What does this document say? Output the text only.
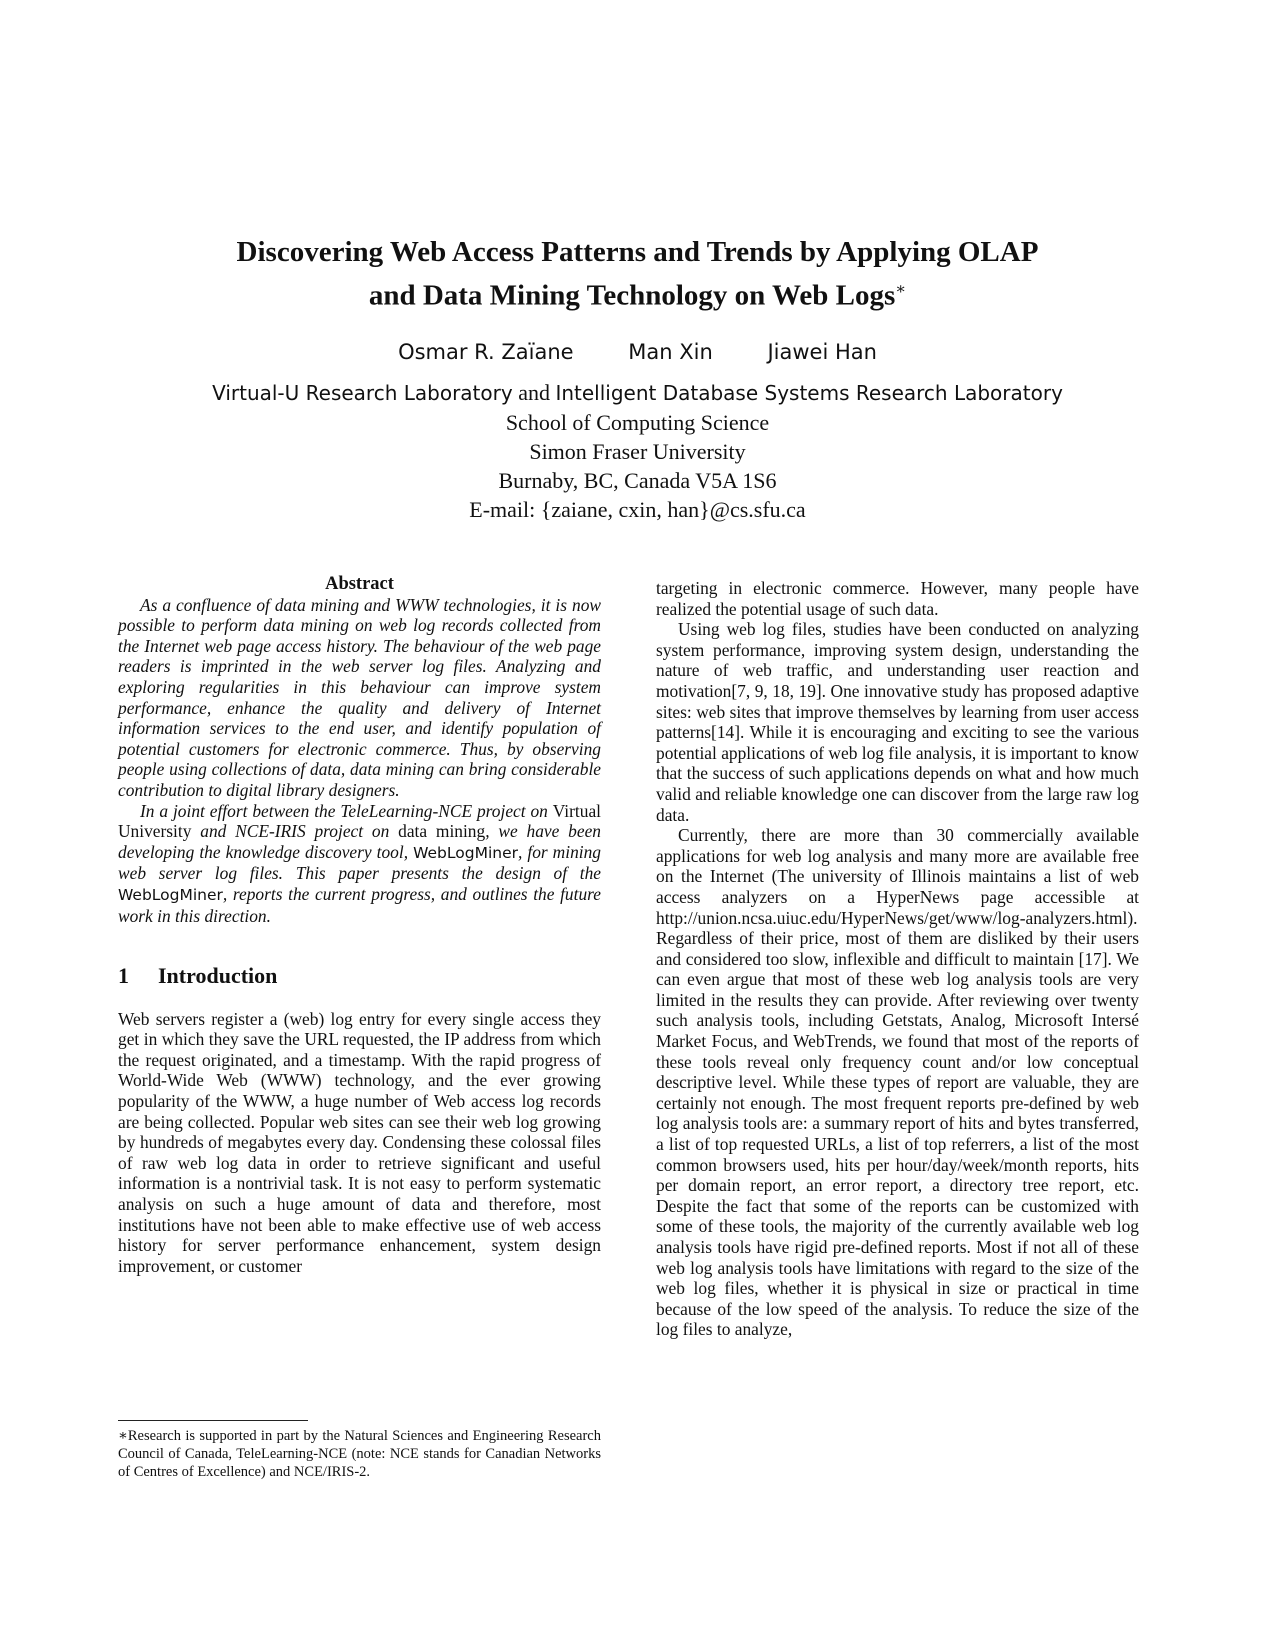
Discovering Web Access Patterns and Trends by Applying OLAP
and Data Mining Technology on Web Logs∗
Osmar R. Zaïane	Man Xin	Jiawei Han
Virtual-U Research Laboratory and Intelligent Database Systems Research Laboratory
School of Computing Science
Simon Fraser University
Burnaby, BC, Canada V5A 1S6
E-mail: {zaiane, cxin, han}@cs.sfu.ca

Abstract

As a confluence of data mining and WWW technologies, it is now possible to perform data mining on web log records collected from the Internet web page access history. The behaviour of the web page readers is imprinted in the web server log files. Analyzing and exploring regularities in this behaviour can improve system performance, enhance the quality and delivery of Internet information services to the end user, and identify population of potential customers for electronic commerce. Thus, by observing people using collections of data, data mining can bring considerable contribution to digital library designers.

In a joint effort between the TeleLearning-NCE project on Virtual University and NCE-IRIS project on data mining, we have been developing the knowledge discovery tool, WebLogMiner, for mining web server log files. This paper presents the design of the WebLogMiner, reports the current progress, and outlines the future work in this direction.

1 Introduction

Web servers register a (web) log entry for every single access they get in which they save the URL requested, the IP address from which the request originated, and a timestamp. With the rapid progress of World-Wide Web (WWW) technology, and the ever growing popularity of the WWW, a huge number of Web access log records are being collected. Popular web sites can see their web log growing by hundreds of megabytes every day. Condensing these colossal files of raw web log data in order to retrieve significant and useful information is a nontrivial task. It is not easy to perform systematic analysis on such a huge amount of data and therefore, most institutions have not been able to make effective use of web access history for server performance enhancement, system design improvement, or customer

∗Research is supported in part by the Natural Sciences and Engineering Research Council of Canada, TeleLearning-NCE (note: NCE stands for Canadian Networks of Centres of Excellence) and NCE/IRIS-2.

targeting in electronic commerce. However, many people have realized the potential usage of such data.

Using web log files, studies have been conducted on analyzing system performance, improving system design, understanding the nature of web traffic, and understanding user reaction and motivation[7, 9, 18, 19]. One innovative study has proposed adaptive sites: web sites that improve themselves by learning from user access patterns[14]. While it is encouraging and exciting to see the various potential applications of web log file analysis, it is important to know that the success of such applications depends on what and how much valid and reliable knowledge one can discover from the large raw log data.

Currently, there are more than 30 commercially available applications for web log analysis and many more are available free on the Internet (The university of Illinois maintains a list of web access analyzers on a HyperNews page accessible at http://union.ncsa.uiuc.edu/HyperNews/get/www/log-analyzers.html). Regardless of their price, most of them are disliked by their users and considered too slow, inflexible and difficult to maintain [17]. We can even argue that most of these web log analysis tools are very limited in the results they can provide. After reviewing over twenty such analysis tools, including Getstats, Analog, Microsoft Intersé Market Focus, and WebTrends, we found that most of the reports of these tools reveal only frequency count and/or low conceptual descriptive level. While these types of report are valuable, they are certainly not enough. The most frequent reports pre-defined by web log analysis tools are: a summary report of hits and bytes transferred, a list of top requested URLs, a list of top referrers, a list of the most common browsers used, hits per hour/day/week/month reports, hits per domain report, an error report, a directory tree report, etc. Despite the fact that some of the reports can be customized with some of these tools, the majority of the currently available web log analysis tools have rigid pre-defined reports. Most if not all of these web log analysis tools have limitations with regard to the size of the web log files, whether it is physical in size or practical in time because of the low speed of the analysis. To reduce the size of the log files to analyze,
